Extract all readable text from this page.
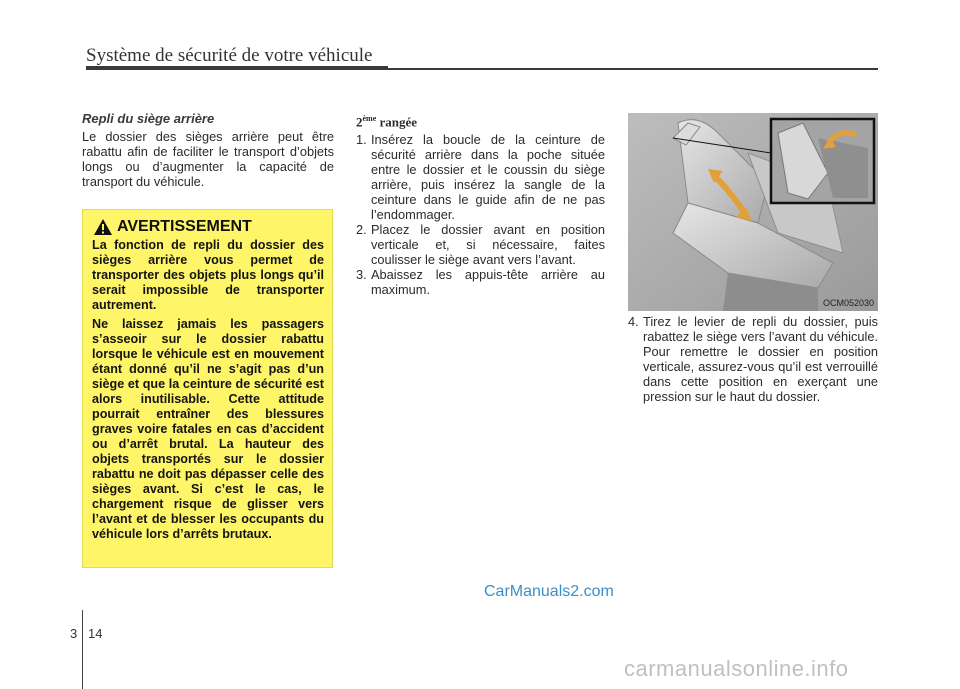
Système de sécurité de votre véhicule
Repli du siège arrière
Le dossier des sièges arrière peut être rabattu afin de faciliter le transport d’objets longs ou d’augmenter la capacité de transport du véhicule.
AVERTISSEMENT
La fonction de repli du dossier des sièges arrière vous permet de transporter des objets plus longs qu’il serait impossible de transporter autrement.
Ne laissez jamais les passagers s’asseoir sur le dossier rabattu lorsque le véhicule est en mouvement étant donné qu’il ne s’agit pas d’un siège et que la ceinture de sécurité est alors inutilisable. Cette attitude pourrait entraîner des blessures graves voire fatales en cas d’accident ou d’arrêt brutal. La hauteur des objets transportés sur le dossier rabattu ne doit pas dépasser celle des sièges avant. Si c’est le cas, le chargement risque de glisser vers l’avant et de blesser les occupants du véhicule lors d’arrêts brutaux.
2ème rangée
1. Insérez la boucle de la ceinture de sécurité arrière dans la poche située entre le dossier et le coussin du siège arrière, puis insérez la sangle de la ceinture dans le guide afin de ne pas l’endommager.
2. Placez le dossier avant en position verticale et, si nécessaire, faites coulisser le siège avant vers l’avant.
3. Abaissez les appuis-tête arrière au maximum.
OCM052030
4. Tirez le levier de repli du dossier, puis rabattez le siège vers l’avant du véhicule. Pour remettre le dossier en position verticale, assurez-vous qu’il est verrouillé dans cette position en exerçant une pression sur le haut du dossier.
CarManuals2.com
3 14
carmanualsonline.info
